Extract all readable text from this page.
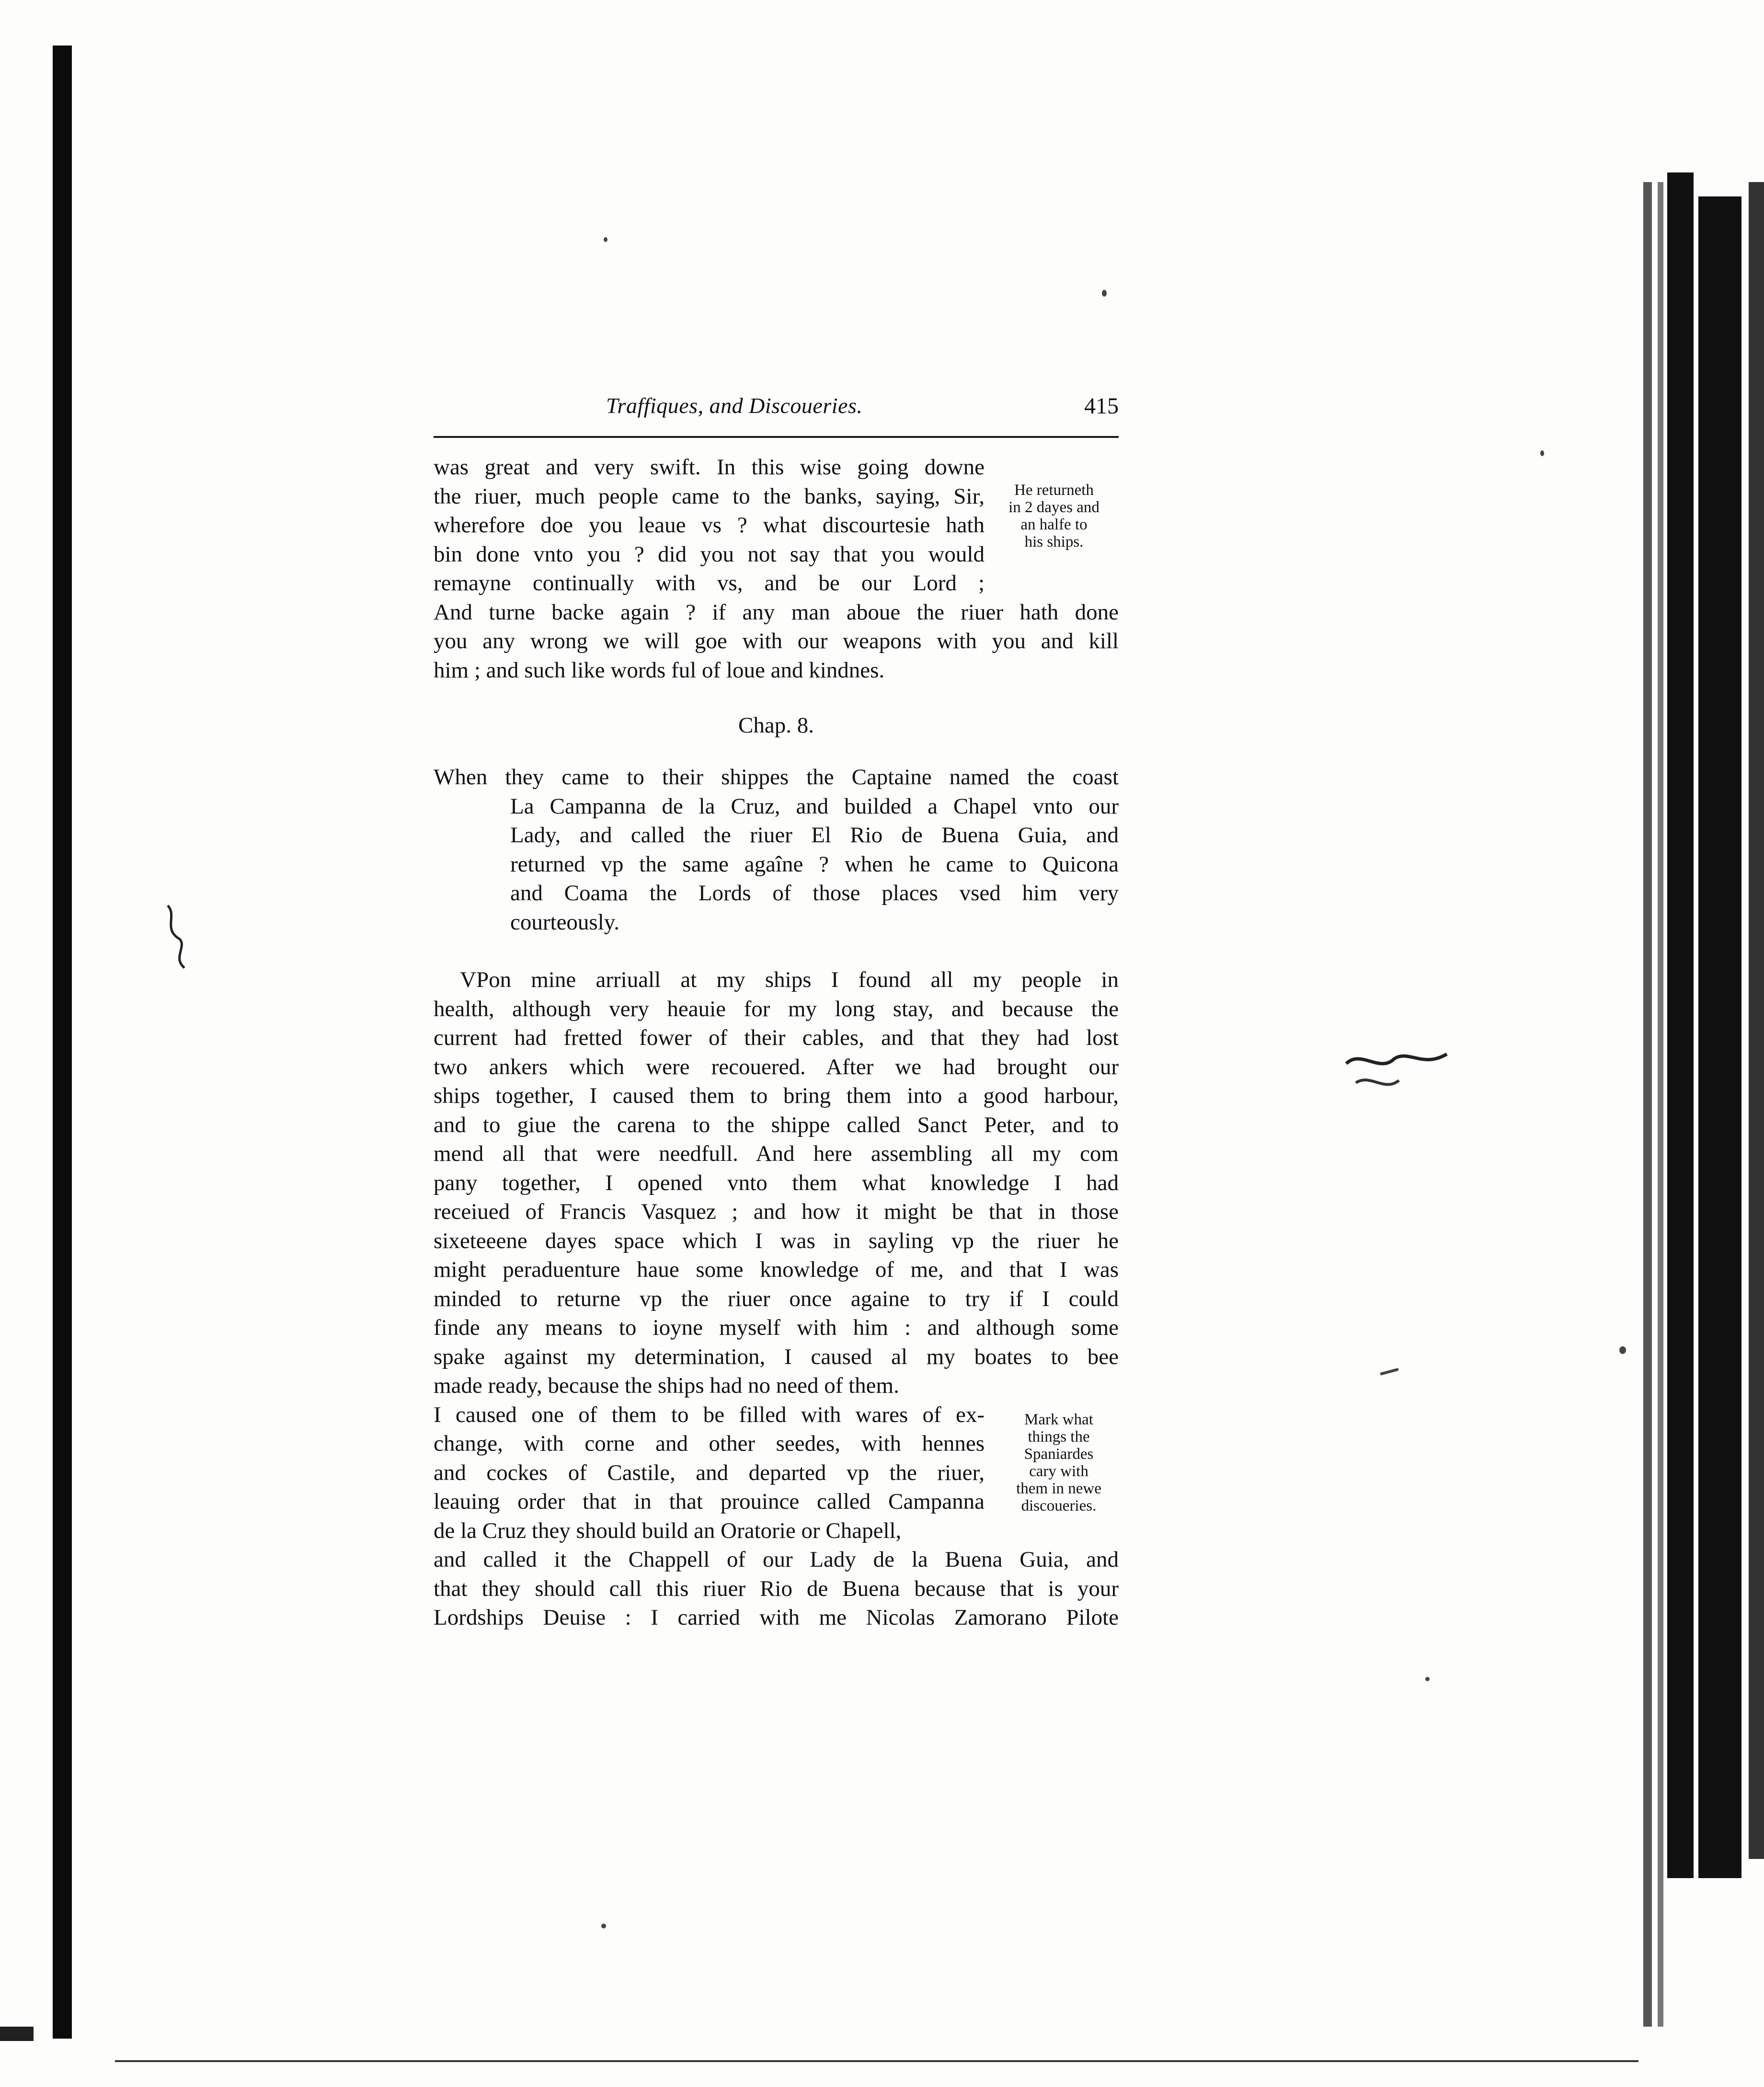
Traffiques, and Discoueries.	415
was great and very swift. In this wise going downe
the riuer, much people came to the banks, saying, Sir,
wherefore doe you leaue vs ? what discourtesie hath
bin done vnto you ? did you not say that you would
remayne continually with vs, and be our Lord ;
And turne backe again ? if any man aboue the riuer hath done
you any wrong we will goe with our weapons with you and kill
him ; and such like words ful of loue and kindnes.
Chap. 8.
When they came to their shippes the Captaine named the coast
La Campanna de la Cruz, and builded a Chapel vnto our
Lady, and called the riuer El Rio de Buena Guia, and
returned vp the same agaîne ? when he came to Quicona
and Coama the Lords of those places vsed him very
courteously.
VPon mine arriuall at my ships I found all my people in
health, although very heauie for my long stay, and because the
current had fretted fower of their cables, and that they had lost
two ankers which were recouered. After we had brought our
ships together, I caused them to bring them into a good harbour,
and to giue the carena to the shippe called Sanct Peter, and to
mend all that were needfull. And here assembling all my com
pany together, I opened vnto them what knowledge I had
receiued of Francis Vasquez ; and how it might be that in those
sixeteeene dayes space which I was in sayling vp the riuer he
might peraduenture haue some knowledge of me, and that I was
minded to returne vp the riuer once againe to try if I could
finde any means to ioyne myself with him : and although some
spake against my determination, I caused al my boates to bee
made ready, because the ships had no need of them.
I caused one of them to be filled with wares of ex-
change, with corne and other seedes, with hennes
and cockes of Castile, and departed vp the riuer,
leauing order that in that prouince called Campanna
de la Cruz they should build an Oratorie or Chapell,
and called it the Chappell of our Lady de la Buena Guia, and
that they should call this riuer Rio de Buena because that is your
Lordships Deuise : I carried with me Nicolas Zamorano Pilote
He returneth
in 2 dayes and
an halfe to
his ships.
Mark what
things the
Spaniardes
cary with
them in newe
discoueries.
